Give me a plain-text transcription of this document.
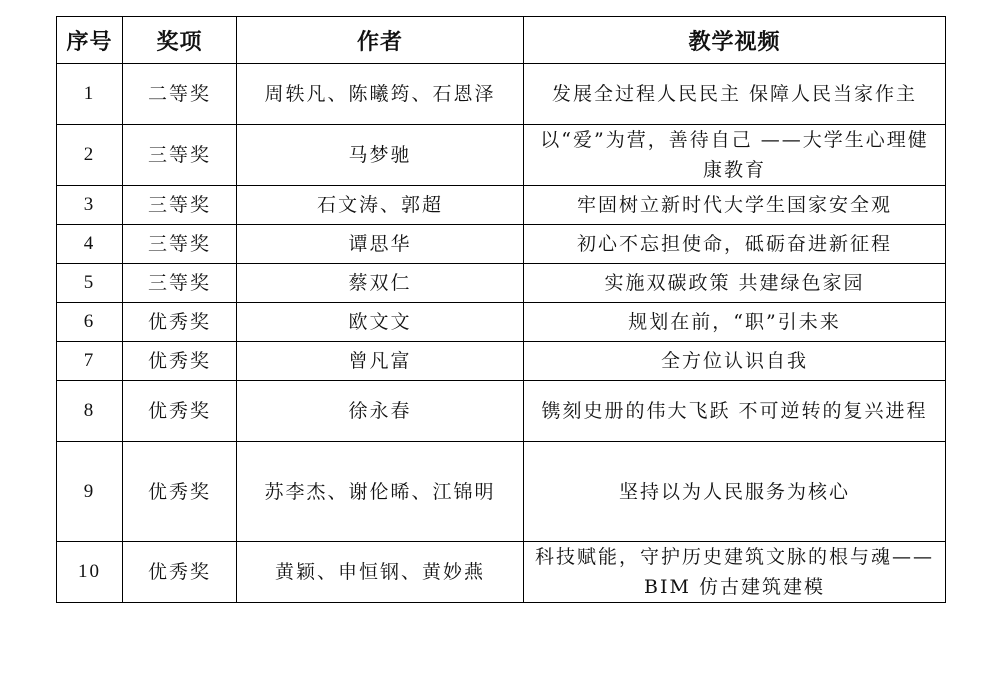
序号	奖项	作者	教学视频
1	二等奖	周轶凡、陈曦筠、石恩泽	发展全过程人民民主 保障人民当家作主
2	三等奖	马梦驰	以“爱”为营，善待自己 ——大学生心理健康教育
3	三等奖	石文涛、郭超	牢固树立新时代大学生国家安全观
4	三等奖	谭思华	初心不忘担使命，砥砺奋进新征程
5	三等奖	蔡双仁	实施双碳政策 共建绿色家园
6	优秀奖	欧文文	规划在前，“职”引未来
7	优秀奖	曾凡富	全方位认识自我
8	优秀奖	徐永春	镌刻史册的伟大飞跃 不可逆转的复兴进程
9	优秀奖	苏李杰、谢伦晞、江锦明	坚持以为人民服务为核心
10	优秀奖	黄颖、申恒钢、黄妙燕	科技赋能，守护历史建筑文脉的根与魂——BIM 仿古建筑建模
